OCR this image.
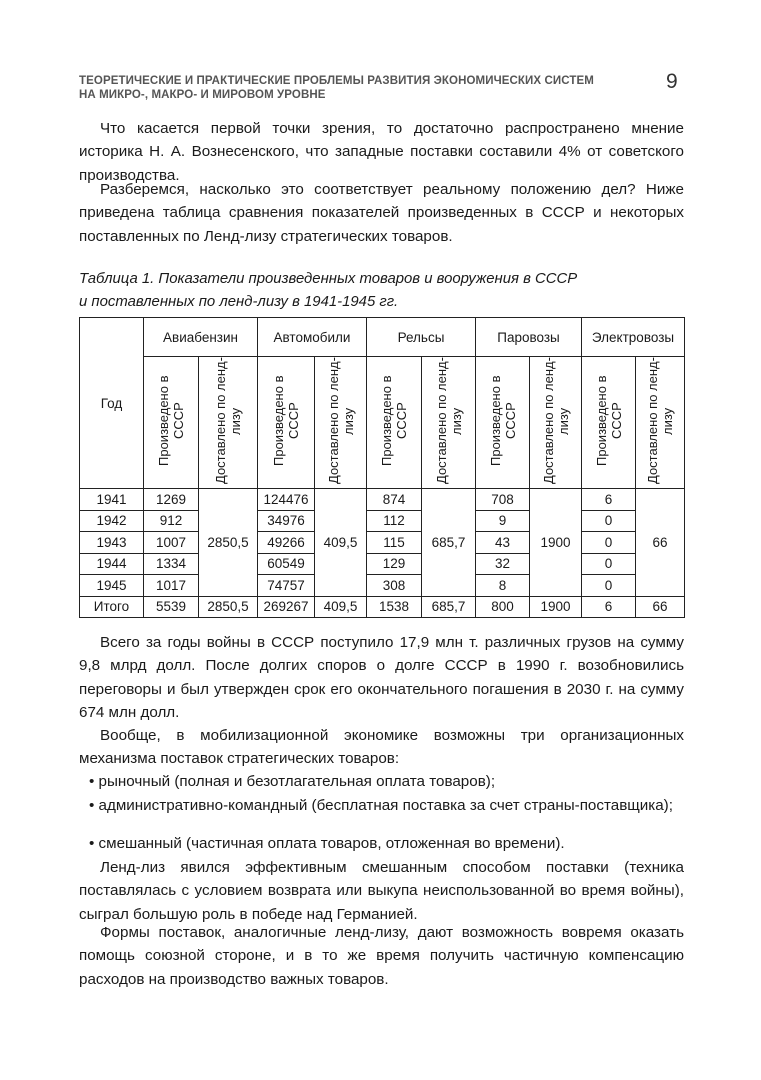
ТЕОРЕТИЧЕСКИЕ И ПРАКТИЧЕСКИЕ ПРОБЛЕМЫ РАЗВИТИЯ ЭКОНОМИЧЕСКИХ СИСТЕМ
НА МИКРО-, МАКРО- И МИРОВОМ УРОВНЕ
9

Что касается первой точки зрения, то достаточно распространено мнение историка Н. А. Вознесенского, что западные поставки составили 4% от советского производства.

Разберемся, насколько это соответствует реальному положению дел? Ниже приведена таблица сравнения показателей произведенных в СССР и некоторых поставленных по Ленд-лизу стратегических товаров.

Таблица 1. Показатели произведенных товаров и вооружения в СССР
и поставленных по ленд-лизу в 1941-1945 гг.
Год	Авиабензин		Автомобили		Рельсы		Паровозы		Электровозы	
	Произведено в СССР	Доставлено по ленд-лизу	Произведено в СССР	Доставлено по ленд-лизу	Произведено в СССР	Доставлено по ленд-лизу	Произведено в СССР	Доставлено по ленд-лизу	Произведено в СССР	Доставлено по ленд-лизу
1941	1269	2850,5	124476	409,5	874	685,7	708	1900	6	66
1942	912		34976		112		9		0	
1943	1007		49266		115		43		0	
1944	1334		60549		129		32		0	
1945	1017		74757		308		8		0	
Итого	5539	2850,5	269267	409,5	1538	685,7	800	1900	6	66

Всего за годы войны в СССР поступило 17,9 млн т. различных грузов на сумму 9,8 млрд долл. После долгих споров о долге СССР в 1990 г. возобновились переговоры и был утвержден срок его окончательного погашения в 2030 г. на сумму 674 млн долл.

Вообще, в мобилизационной экономике возможны три организационных механизма поставок стратегических товаров:

• рыночный (полная и безотлагательная оплата товаров);

• административно-командный (бесплатная поставка за счет страны-поставщика);

• смешанный (частичная оплата товаров, отложенная во времени).

Ленд-лиз явился эффективным смешанным способом поставки (техника поставлялась с условием возврата или выкупа неиспользованной во время войны), сыграл большую роль в победе над Германией.

Формы поставок, аналогичные ленд-лизу, дают возможность вовремя оказать помощь союзной стороне, и в то же время получить частичную компенсацию расходов на производство важных товаров.
